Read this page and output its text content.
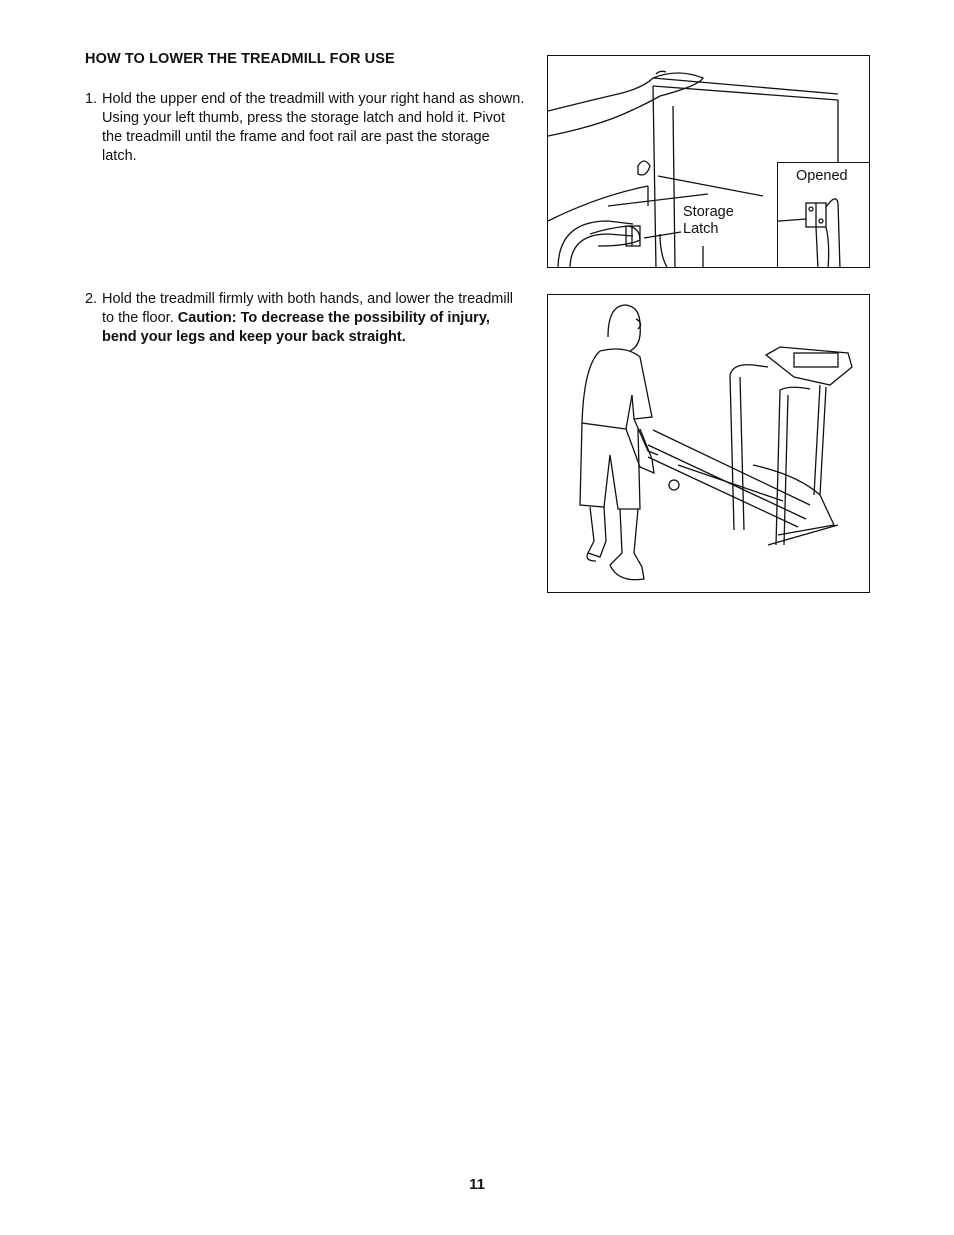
HOW TO LOWER THE TREADMILL FOR USE
1. Hold the upper end of the treadmill with your right hand as shown. Using your left thumb, press the storage latch and hold it. Pivot the treadmill until the frame and foot rail are past the storage latch.
2. Hold the treadmill firmly with both hands, and lower the treadmill to the floor. Caution: To decrease the possibility of injury, bend your legs and keep your back straight.
Storage Latch
Opened
11
